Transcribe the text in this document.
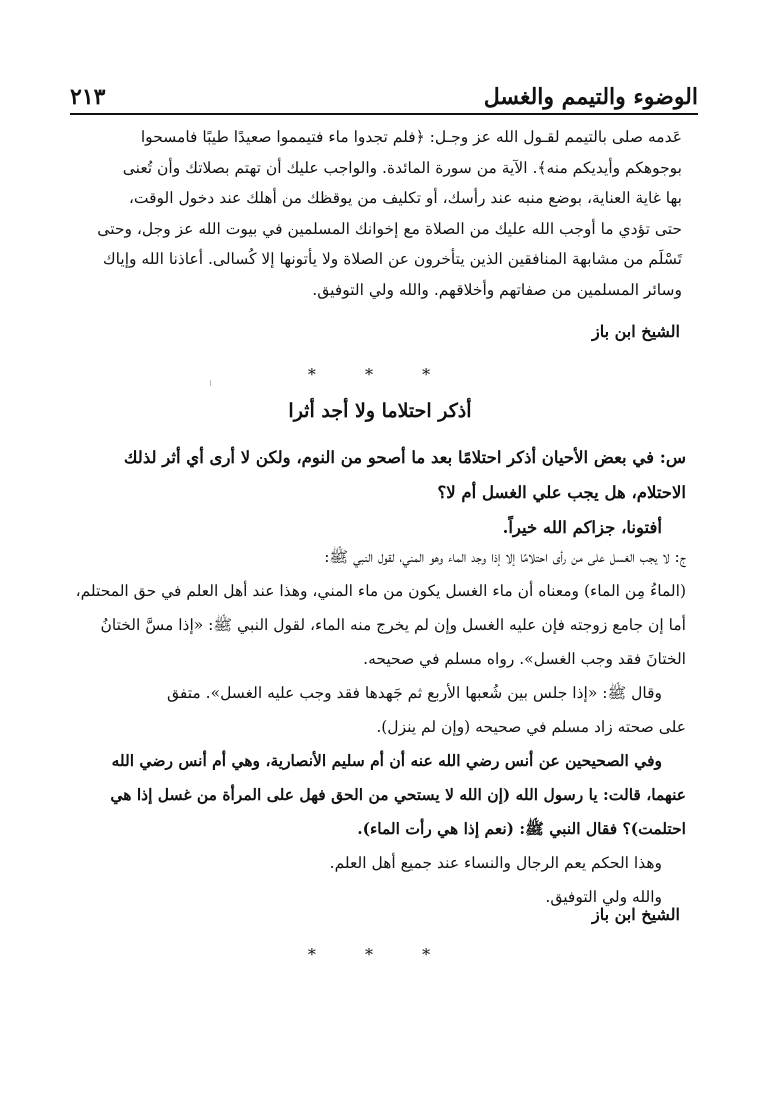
٢١٣	الوضوء والتيمم والغسل
عَدمه صلى بالتيمم لقـول الله عز وجـل: ﴿فلم تجدوا ماء فتيمموا صعيدًا طيبًا فامسحوا
بوجوهكم وأيديكم منه﴾. الآية من سورة المائدة. والواجب عليك أن تهتم بصلاتك وأن تُعنى
بها غاية العناية، بوضع منبه عند رأسك، أو تكليف من يوقظك من أهلك عند دخول الوقت،
حتى تؤدي ما أوجب الله عليك من الصلاة مع إخوانك المسلمين في بيوت الله عز وجل، وحتى
تَسْلَم من مشابهة المنافقين الذين يتأخرون عن الصلاة ولا يأتونها إلا كُسالى. أعاذنا الله وإياك
وسائر المسلمين من صفاتهم وأخلاقهم. والله ولي التوفيق.
الشيخ ابن باز
* * *
أذكر احتلاما ولا أجد أثرا
س: في بعض الأحيان أذكر احتلامًا بعد ما أصحو من النوم، ولكن لا أرى أي أثر لذلك
الاحتلام، هل يجب علي الغسل أم لا؟
أفتونا، جزاكم الله خيراً.
ج: لا يجب الغسل على من رأى احتلامًا إلا إذا وجد الماء وهو المني، لقول النبي ﷺ:
(الماءُ مِن الماء) ومعناه أن ماء الغسل يكون من ماء المني، وهذا عند أهل العلم في حق المحتلم،
أما إن جامع زوجته فإن عليه الغسل وإن لم يخرج منه الماء، لقول النبي ﷺ: «إذا مسَّ الختانُ
الختانَ فقد وجب الغسل». رواه مسلم في صحيحه.
وقال ﷺ: «إذا جلس بين شُعبها الأربع ثم جَهدها فقد وجب عليه الغسل». متفق
على صحته زاد مسلم في صحيحه (وإن لم ينزل).
وفي الصحيحين عن أنس رضي الله عنه أن أم سليم الأنصارية، وهي أم أنس رضي الله
عنهما، قالت: يا رسول الله (إن الله لا يستحي من الحق فهل على المرأة من غسل إذا هي
احتلمت)؟ فقال النبي ﷺ: (نعم إذا هي رأت الماء).
وهذا الحكم يعم الرجال والنساء عند جميع أهل العلم.
والله ولي التوفيق.
الشيخ ابن باز
* * *
